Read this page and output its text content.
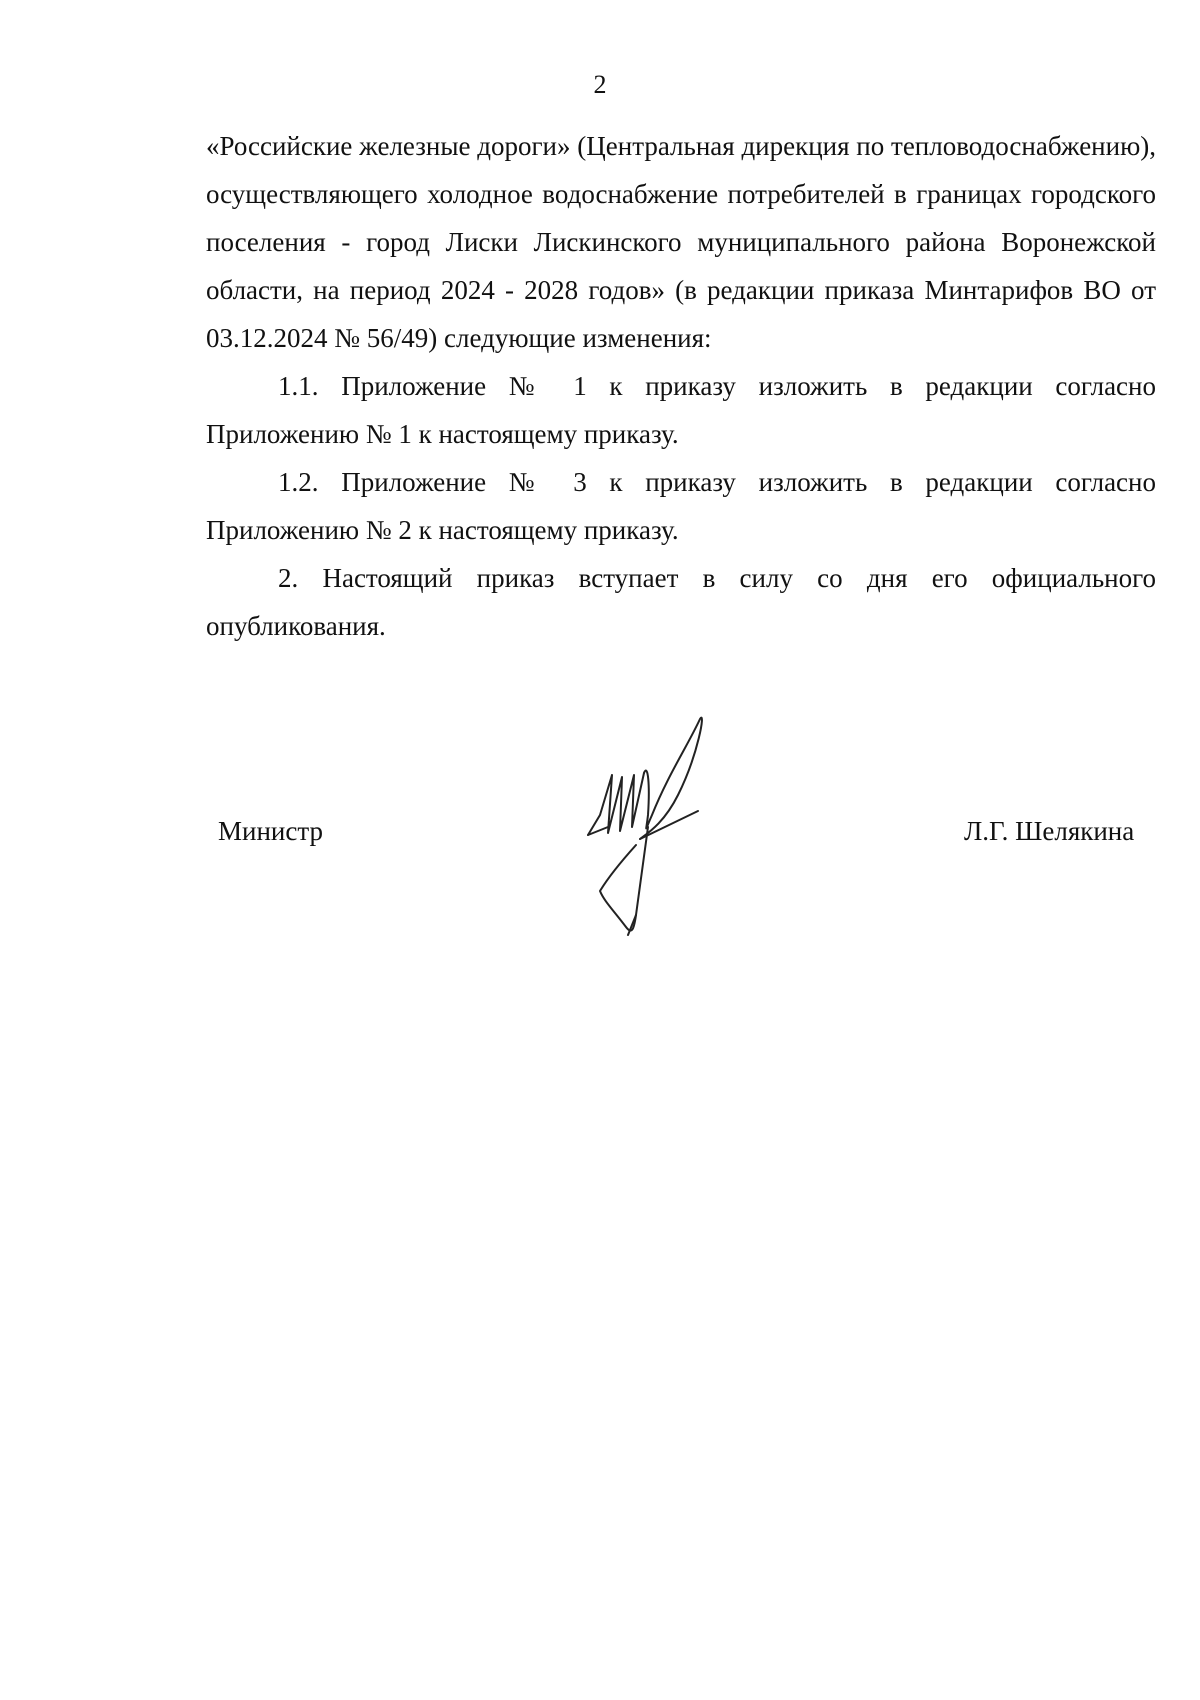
2

«Российские железные дороги» (Центральная дирекция по тепловодоснабжению), осуществляющего холодное водоснабжение потребителей в границах городского поселения - город Лиски Лискинского муниципального района Воронежской области, на период 2024 - 2028 годов» (в редакции приказа Минтарифов ВО от 03.12.2024 № 56/49) следующие изменения:

1.1. Приложение № 1 к приказу изложить в редакции согласно Приложению № 1 к настоящему приказу.

1.2. Приложение № 3 к приказу изложить в редакции согласно Приложению № 2 к настоящему приказу.

2. Настоящий приказ вступает в силу со дня его официального опубликования.

Министр	Л.Г. Шелякина
